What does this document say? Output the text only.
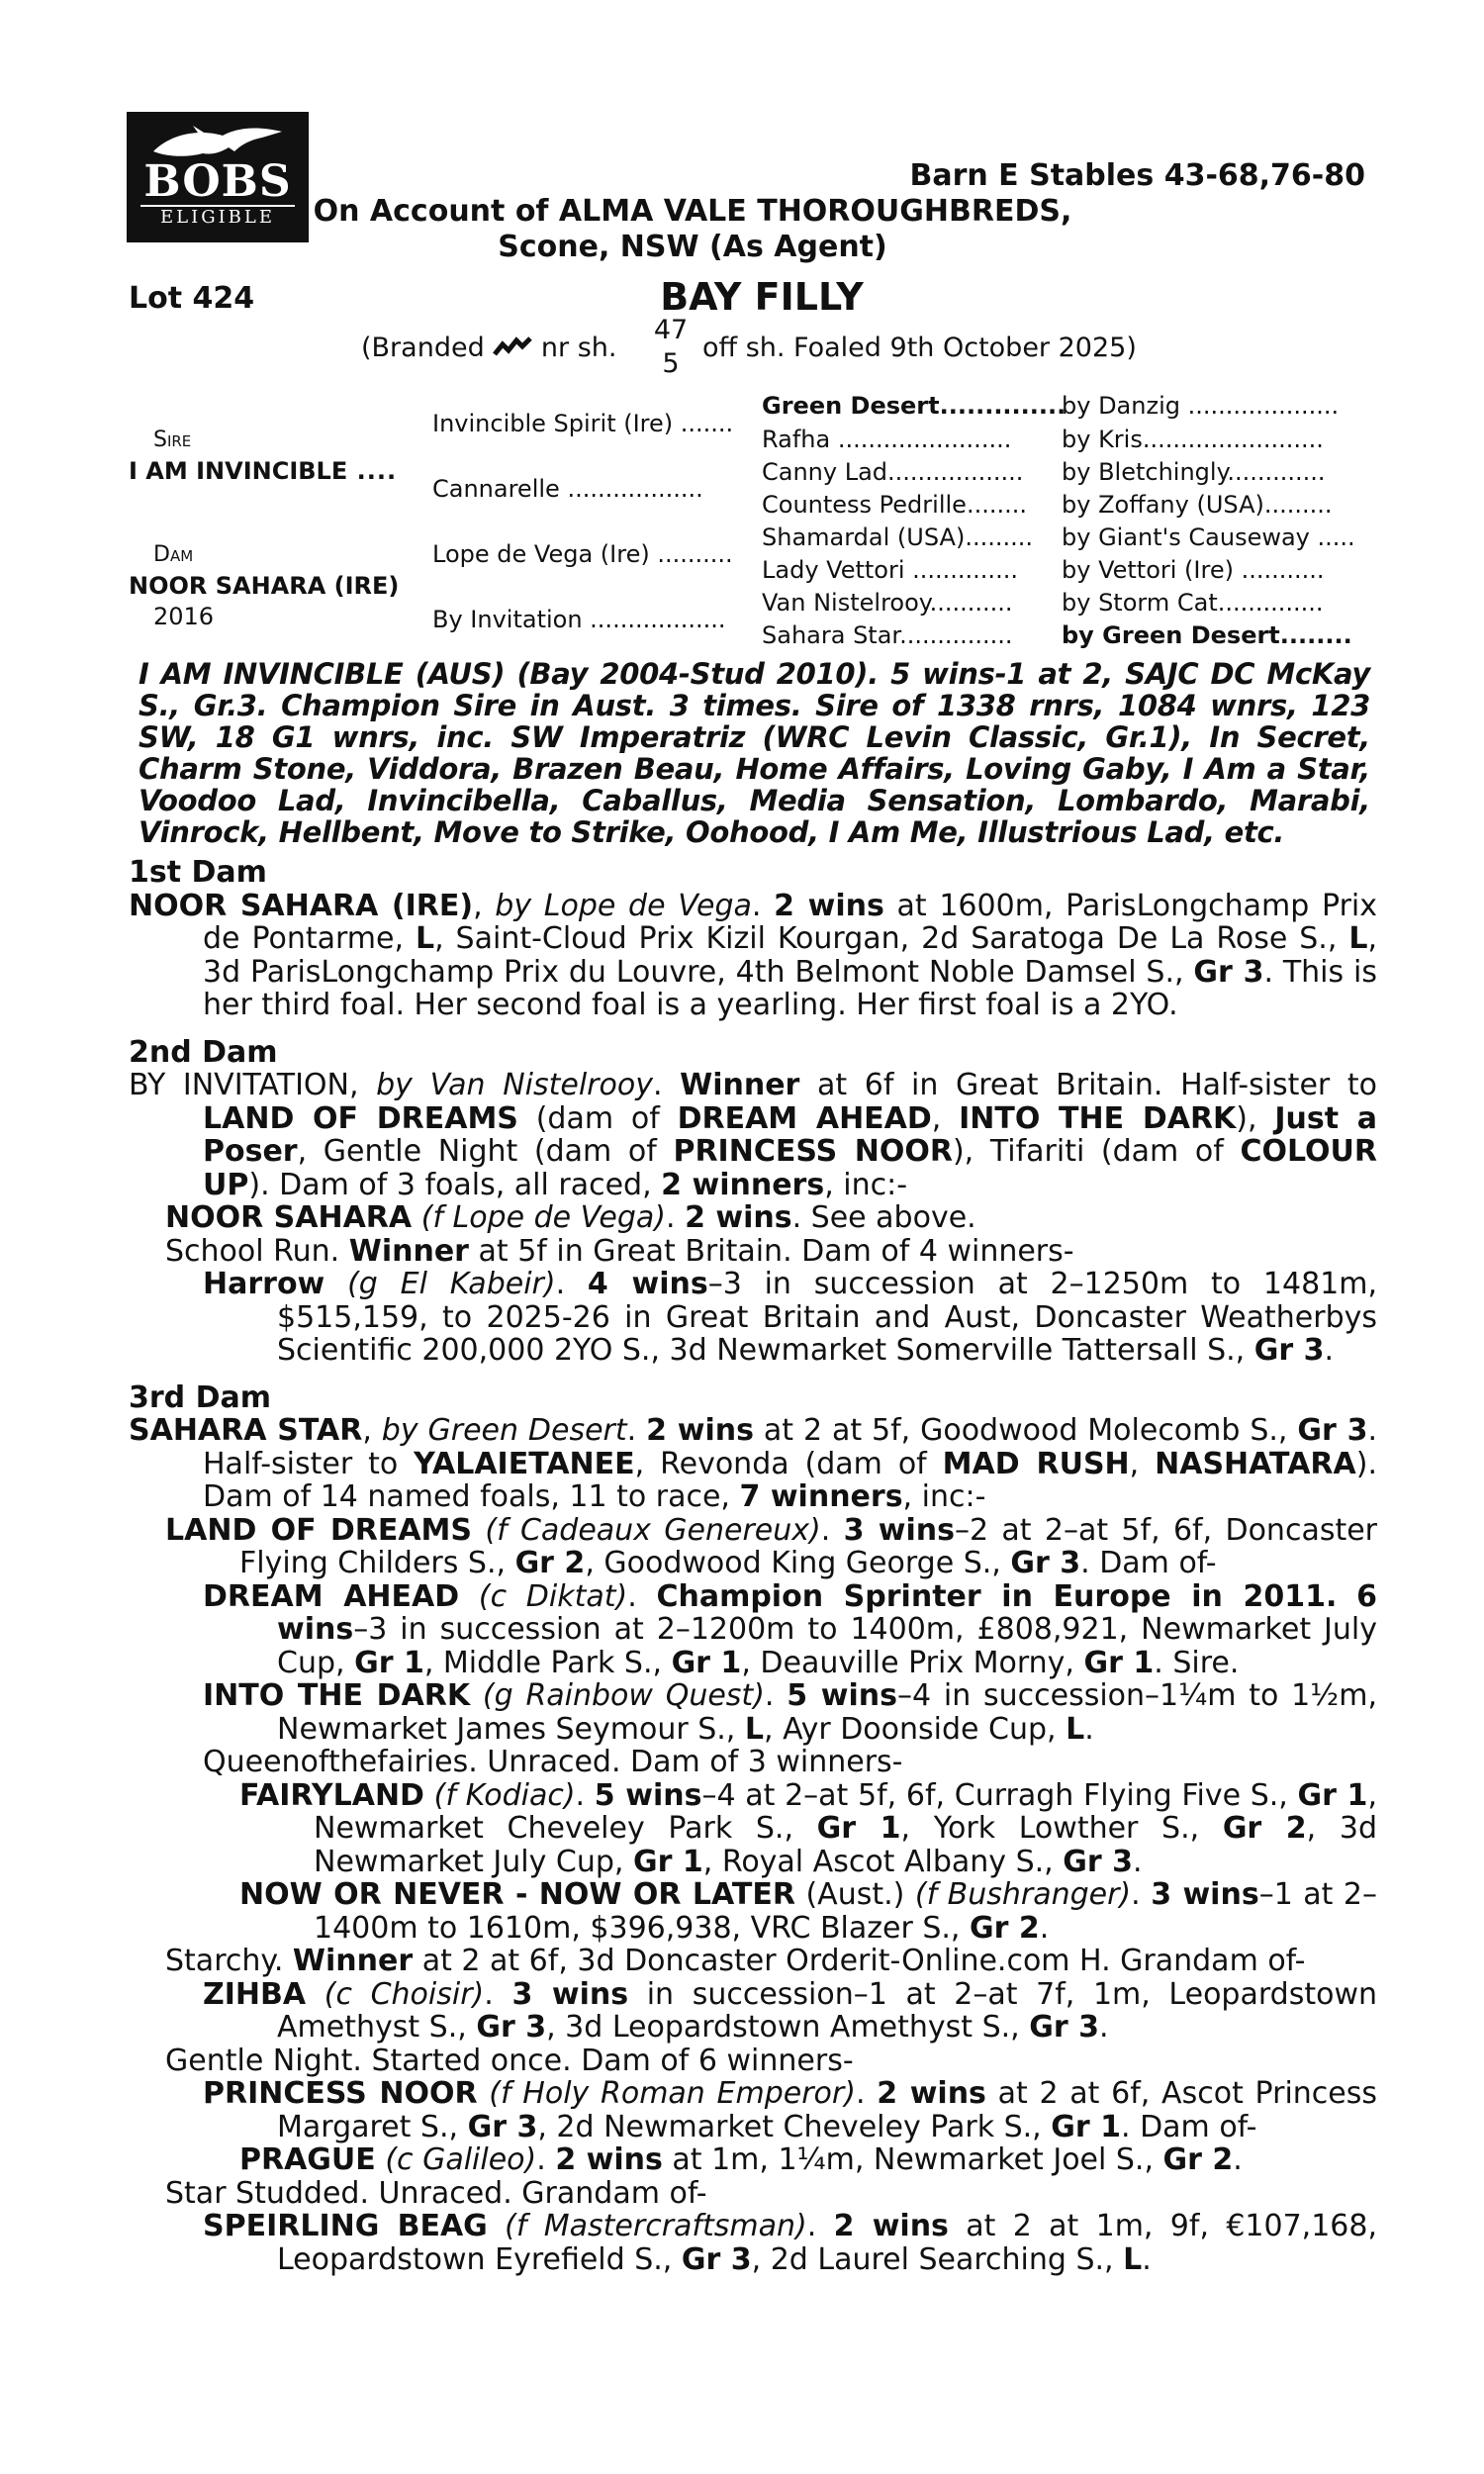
BOBS
ELIGIBLE
Barn E Stables 43-68,76-80
On Account of ALMA VALE THOROUGHBREDS,
Scone, NSW (As Agent)
Lot 424	BAY FILLY
(Branded nr sh.
47
5
off sh. Foaled 9th October 2025)
Sire
I AM INVINCIBLE ....
Dam
NOOR SAHARA (IRE)
2016
Invincible Spirit (Ire) .......
Cannarelle ..................
Lope de Vega (Ire) ..........
By Invitation ..................
Green Desert..............
Rafha .......................
Canny Lad..................
Countess Pedrille........
Shamardal (USA).........
Lady Vettori ..............
Van Nistelrooy...........
Sahara Star...............
by Danzig ....................
by Kris........................
by Bletchingly.............
by Zoffany (USA).........
by Giant's Causeway .....
by Vettori (Ire) ...........
by Storm Cat..............
by Green Desert........
I AM INVINCIBLE (AUS) (Bay 2004-Stud 2010). 5 wins-1 at 2, SAJC DC McKay S., Gr.3. Champion Sire in Aust. 3 times. Sire of 1338 rnrs, 1084 wnrs, 123 SW, 18 G1 wnrs, inc. SW Imperatriz (WRC Levin Classic, Gr.1), In Secret, Charm Stone, Viddora, Brazen Beau, Home Affairs, Loving Gaby, I Am a Star, Voodoo Lad, Invincibella, Caballus, Media Sensation, Lombardo, Marabi, Vinrock, Hellbent, Move to Strike, Oohood, I Am Me, Illustrious Lad, etc.
1st Dam
NOOR SAHARA (IRE), by Lope de Vega. 2 wins at 1600m, ParisLongchamp Prix de Pontarme, L, Saint-Cloud Prix Kizil Kourgan, 2d Saratoga De La Rose S., L, 3d ParisLongchamp Prix du Louvre, 4th Belmont Noble Damsel S., Gr 3. This is her third foal. Her second foal is a yearling. Her first foal is a 2YO.
2nd Dam
BY INVITATION, by Van Nistelrooy. Winner at 6f in Great Britain. Half-sister to LAND OF DREAMS (dam of DREAM AHEAD, INTO THE DARK), Just a Poser, Gentle Night (dam of PRINCESS NOOR), Tifariti (dam of COLOUR UP). Dam of 3 foals, all raced, 2 winners, inc:-
NOOR SAHARA (f Lope de Vega). 2 wins. See above.
School Run. Winner at 5f in Great Britain. Dam of 4 winners-
Harrow (g El Kabeir). 4 wins–3 in succession at 2–1250m to 1481m, $515,159, to 2025-26 in Great Britain and Aust, Doncaster Weatherbys Scientific 200,000 2YO S., 3d Newmarket Somerville Tattersall S., Gr 3.
3rd Dam
SAHARA STAR, by Green Desert. 2 wins at 2 at 5f, Goodwood Molecomb S., Gr 3. Half-sister to YALAIETANEE, Revonda (dam of MAD RUSH, NASHATARA). Dam of 14 named foals, 11 to race, 7 winners, inc:-
LAND OF DREAMS (f Cadeaux Genereux). 3 wins–2 at 2–at 5f, 6f, Doncaster Flying Childers S., Gr 2, Goodwood King George S., Gr 3. Dam of-
DREAM AHEAD (c Diktat). Champion Sprinter in Europe in 2011. 6 wins–3 in succession at 2–1200m to 1400m, £808,921, Newmarket July Cup, Gr 1, Middle Park S., Gr 1, Deauville Prix Morny, Gr 1. Sire.
INTO THE DARK (g Rainbow Quest). 5 wins–4 in succession–1¼m to 1½m, Newmarket James Seymour S., L, Ayr Doonside Cup, L.
Queenofthefairies. Unraced. Dam of 3 winners-
FAIRYLAND (f Kodiac). 5 wins–4 at 2–at 5f, 6f, Curragh Flying Five S., Gr 1, Newmarket Cheveley Park S., Gr 1, York Lowther S., Gr 2, 3d Newmarket July Cup, Gr 1, Royal Ascot Albany S., Gr 3.
NOW OR NEVER - NOW OR LATER (Aust.) (f Bushranger). 3 wins–1 at 2–1400m to 1610m, $396,938, VRC Blazer S., Gr 2.
Starchy. Winner at 2 at 6f, 3d Doncaster Orderit-Online.com H. Grandam of-
ZIHBA (c Choisir). 3 wins in succession–1 at 2–at 7f, 1m, Leopardstown Amethyst S., Gr 3, 3d Leopardstown Amethyst S., Gr 3.
Gentle Night. Started once. Dam of 6 winners-
PRINCESS NOOR (f Holy Roman Emperor). 2 wins at 2 at 6f, Ascot Princess Margaret S., Gr 3, 2d Newmarket Cheveley Park S., Gr 1. Dam of-
PRAGUE (c Galileo). 2 wins at 1m, 1¼m, Newmarket Joel S., Gr 2.
Star Studded. Unraced. Grandam of-
SPEIRLING BEAG (f Mastercraftsman). 2 wins at 2 at 1m, 9f, €107,168, Leopardstown Eyrefield S., Gr 3, 2d Laurel Searching S., L.
